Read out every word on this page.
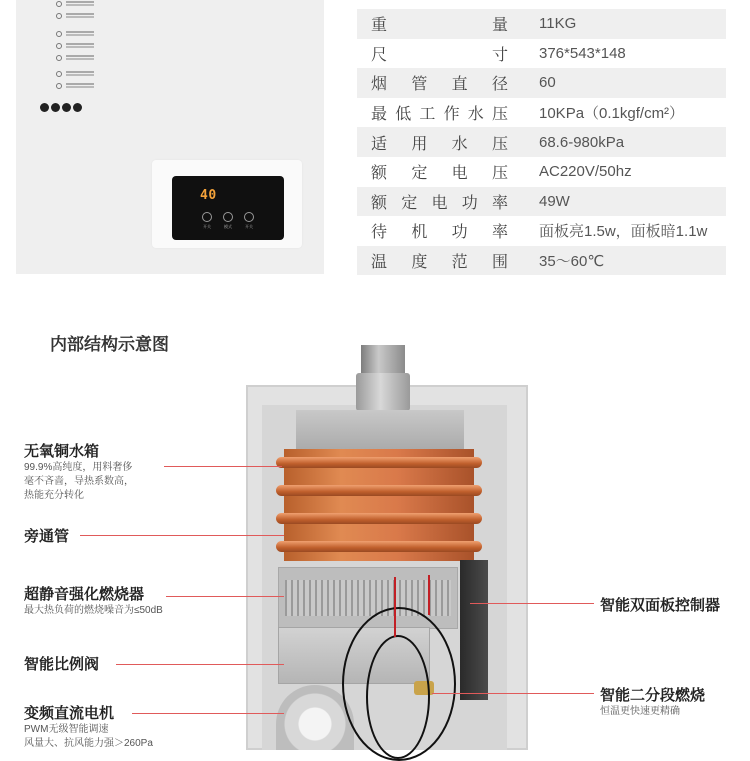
40
开关	模式	开关
重量	11KG
尺寸	376*543*148
烟管直径	60
最低工作水压	10KPa（0.1kgf/cm²）
适用水压	68.6-980kPa
额定电压	AC220V/50hz
额定电功率	49W
待机功率	面板亮1.5w，面板暗1.1w
温度范围	35～60℃
内部结构示意图
无氧铜水箱
99.9%高纯度，用料奢侈
毫不吝啬，导热系数高，
热能充分转化
旁通管
超静音强化燃烧器
最大热负荷的燃烧噪音为≤50dB
智能比例阀
变频直流电机
PWM无级智能调速
风量大、抗风能力强＞260Pa
智能双面板控制器
智能二分段燃烧
恒温更快速更精确
